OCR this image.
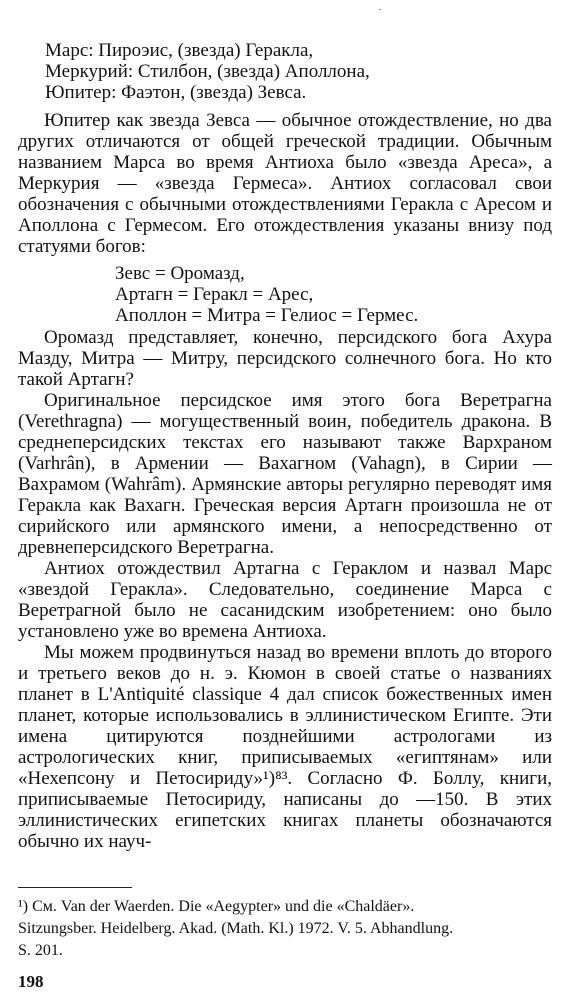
·
Марс: Пироэис, (звезда) Геракла,
Меркурий: Стилбон, (звезда) Аполлона,
Юпитер: Фаэтон, (звезда) Зевса.

Юпитер как звезда Зевса — обычное отождествление, но два других отличаются от общей греческой традиции. Обычным названием Марса во время Антиоха было «звезда Ареса», а Меркурия — «звезда Гермеса». Антиох согласовал свои обозначения с обычными отождествлениями Геракла с Аресом и Аполлона с Гермесом. Его отождествления указаны внизу под статуями богов:

Зевс = Оромазд,
Артагн = Геракл = Арес,
Аполлон = Митра = Гелиос = Гермес.

Оромазд представляет, конечно, персидского бога Ахура Мазду, Митра — Митру, персидского солнечного бога. Но кто такой Артагн?

Оригинальное персидское имя этого бога Веретрагна (Verethragna) — могущественный воин, победитель дракона. В среднеперсидских текстах его называют также Вархраном (Varhrân), в Армении — Вахагном (Vahagn), в Сирии — Вахрамом (Wahrâm). Армянские авторы регулярно переводят имя Геракла как Вахагн. Греческая версия Артагн произошла не от сирийского или армянского имени, а непосредственно от древнеперсидского Веретрагна.

Антиох отождествил Артагна с Гераклом и назвал Марс «звездой Геракла». Следовательно, соединение Марса с Веретрагной было не сасанидским изобретением: оно было установлено уже во времена Антиоха.

Мы можем продвинуться назад во времени вплоть до второго и третьего веков до н. э. Кюмон в своей статье о названиях планет в L'Antiquité classique 4 дал список божественных имен планет, которые использовались в эллинистическом Египте. Эти имена цитируются позднейшими астрологами из астрологических книг, приписываемых «египтянам» или «Нехепсону и Петосириду»¹)⁸³. Согласно Ф. Боллу, книги, приписываемые Петосириду, написаны до —150. В этих эллинистических египетских книгах планеты обозначаются обычно их науч-

¹) См. Van der Waerden. Die «Aegypter» und die «Chaldäer».
Sitzungsber. Heidelberg. Akad. (Math. Kl.) 1972. V. 5. Abhandlung.
S. 201.
198
